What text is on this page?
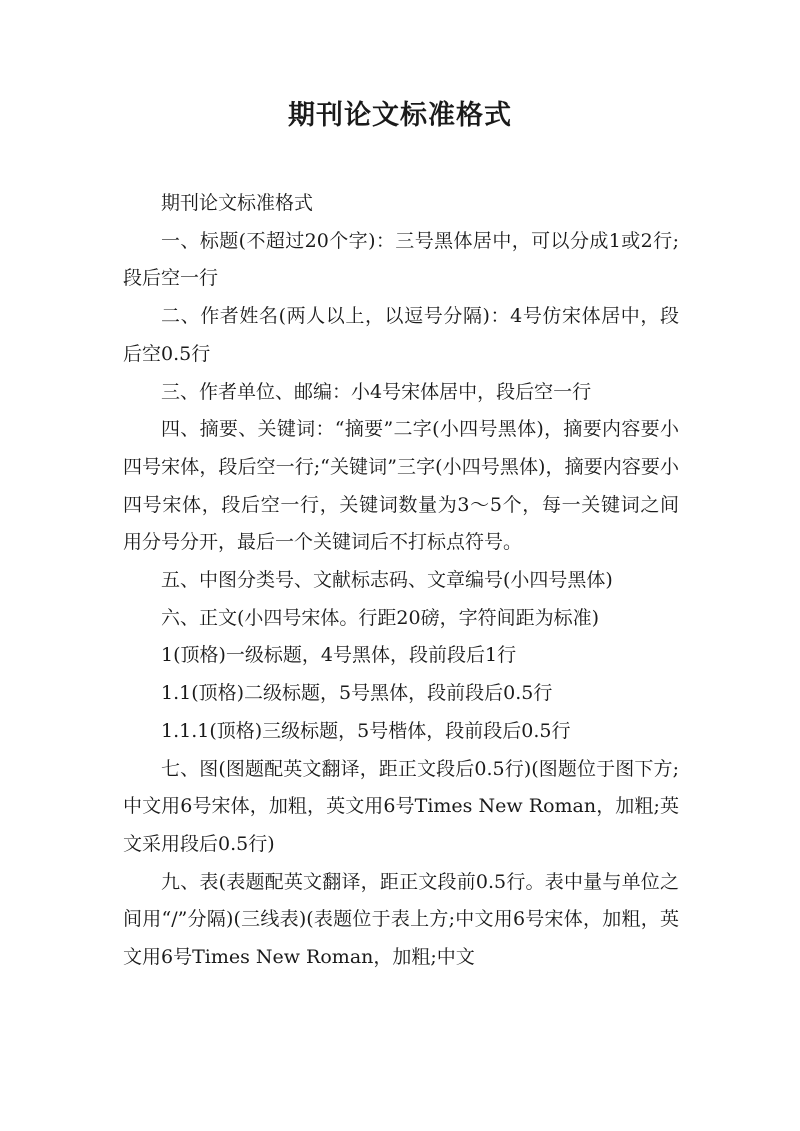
期刊论文标准格式

期刊论文标准格式

一、标题(不超过20个字)：三号黑体居中，可以分成1或2行;段后空一行

二、作者姓名(两人以上，以逗号分隔)：4号仿宋体居中，段后空0.5行

三、作者单位、邮编：小4号宋体居中，段后空一行

四、摘要、关键词：“摘要”二字(小四号黑体)，摘要内容要小四号宋体，段后空一行;“关键词”三字(小四号黑体)，摘要内容要小四号宋体，段后空一行，关键词数量为3～5个，每一关键词之间用分号分开，最后一个关键词后不打标点符号。

五、中图分类号、文献标志码、文章编号(小四号黑体)

六、正文(小四号宋体。行距20磅，字符间距为标准)

1(顶格)一级标题，4号黑体，段前段后1行

1.1(顶格)二级标题，5号黑体，段前段后0.5行

1.1.1(顶格)三级标题，5号楷体，段前段后0.5行

七、图(图题配英文翻译，距正文段后0.5行)(图题位于图下方;中文用6号宋体，加粗，英文用6号Times New Roman，加粗;英文采用段后0.5行)

九、表(表题配英文翻译，距正文段前0.5行。表中量与单位之间用“/”分隔)(三线表)(表题位于表上方;中文用6号宋体，加粗，英文用6号Times New Roman，加粗;中文
